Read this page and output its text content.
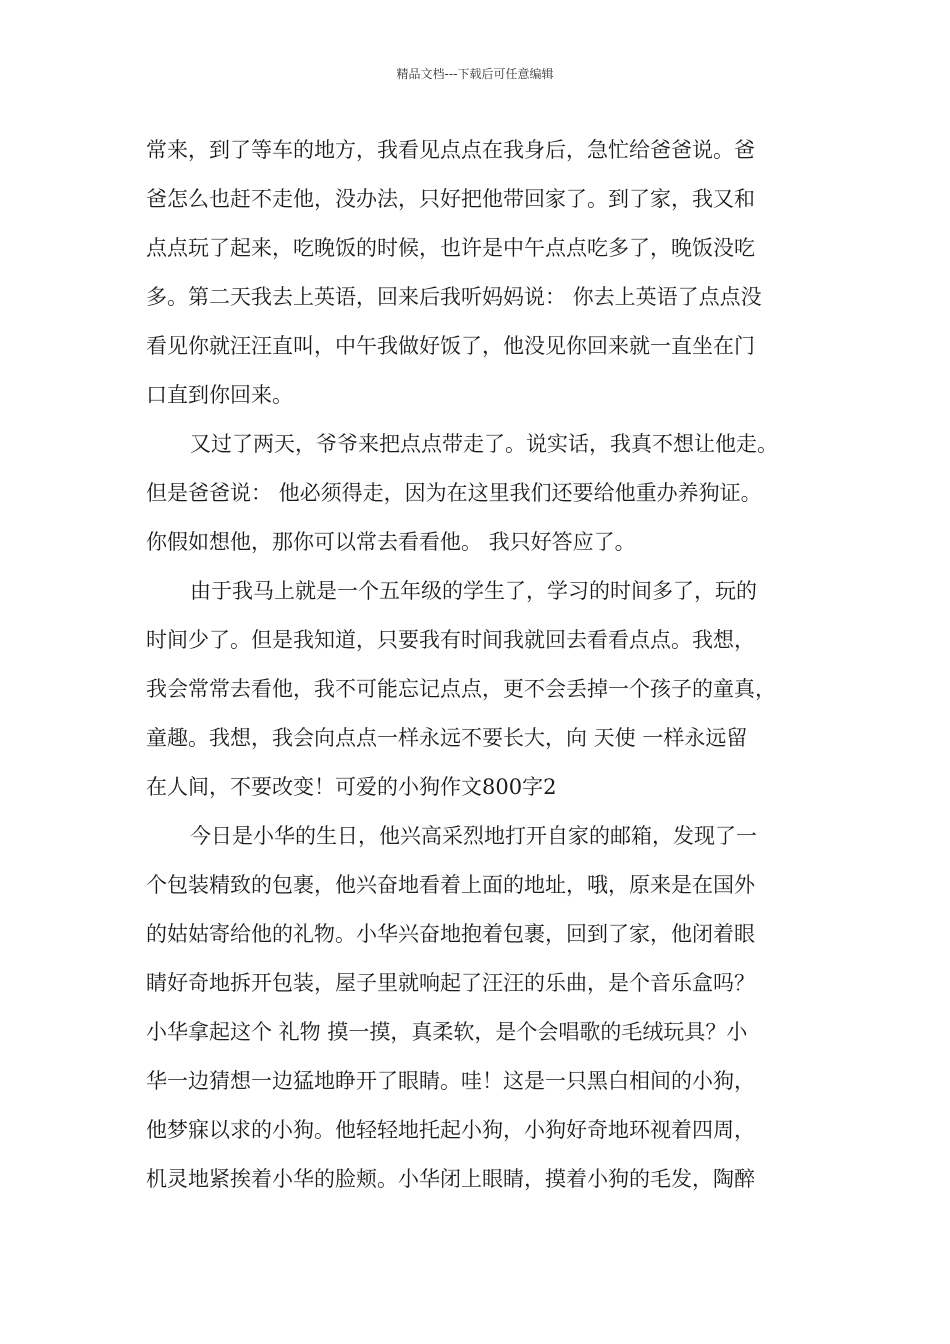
精品文档---下载后可任意编辑
常来，到了等车的地方，我看见点点在我身后，急忙给爸爸说。爸
爸怎么也赶不走他，没办法，只好把他带回家了。到了家，我又和
点点玩了起来，吃晚饭的时候，也许是中午点点吃多了，晚饭没吃
多。第二天我去上英语，回来后我听妈妈说： 你去上英语了点点没
看见你就汪汪直叫，中午我做好饭了，他没见你回来就一直坐在门
口直到你回来。
又过了两天，爷爷来把点点带走了。说实话，我真不想让他走。
但是爸爸说： 他必须得走，因为在这里我们还要给他重办养狗证。
你假如想他，那你可以常去看看他。 我只好答应了。
由于我马上就是一个五年级的学生了，学习的时间多了，玩的
时间少了。但是我知道，只要我有时间我就回去看看点点。我想，
我会常常去看他，我不可能忘记点点，更不会丢掉一个孩子的童真，
童趣。我想，我会向点点一样永远不要长大，向 天使 一样永远留
在人间，不要改变！可爱的小狗作文800字2
今日是小华的生日，他兴高采烈地打开自家的邮箱，发现了一
个包装精致的包裹，他兴奋地看着上面的地址，哦，原来是在国外
的姑姑寄给他的礼物。小华兴奋地抱着包裹，回到了家，他闭着眼
睛好奇地拆开包装，屋子里就响起了汪汪的乐曲，是个音乐盒吗？
小华拿起这个 礼物 摸一摸，真柔软，是个会唱歌的毛绒玩具？小
华一边猜想一边猛地睁开了眼睛。哇！这是一只黑白相间的小狗，
他梦寐以求的小狗。他轻轻地托起小狗，小狗好奇地环视着四周，
机灵地紧挨着小华的脸颊。小华闭上眼睛，摸着小狗的毛发，陶醉
